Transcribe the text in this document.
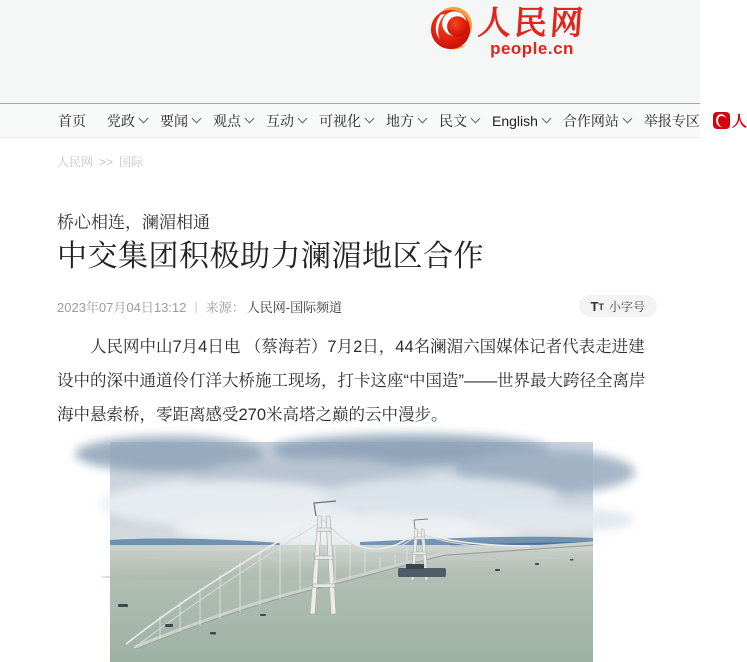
人民网
people.cn
首页 党政 要闻 观点 互动 可视化 地方 民文 English 合作网站 举报专区 人
人民网 >> 国际
桥心相连，澜湄相通
中交集团积极助力澜湄地区合作
2023年07月04日13:12 | 来源： 人民网-国际频道	T T 小字号

人民网中山7月4日电 （蔡海若）7月2日，44名澜湄六国媒体记者代表走进建设中的深中通道伶仃洋大桥施工现场，打卡这座“中国造”——世界最大跨径全离岸海中悬索桥，零距离感受270米高塔之巅的云中漫步。
